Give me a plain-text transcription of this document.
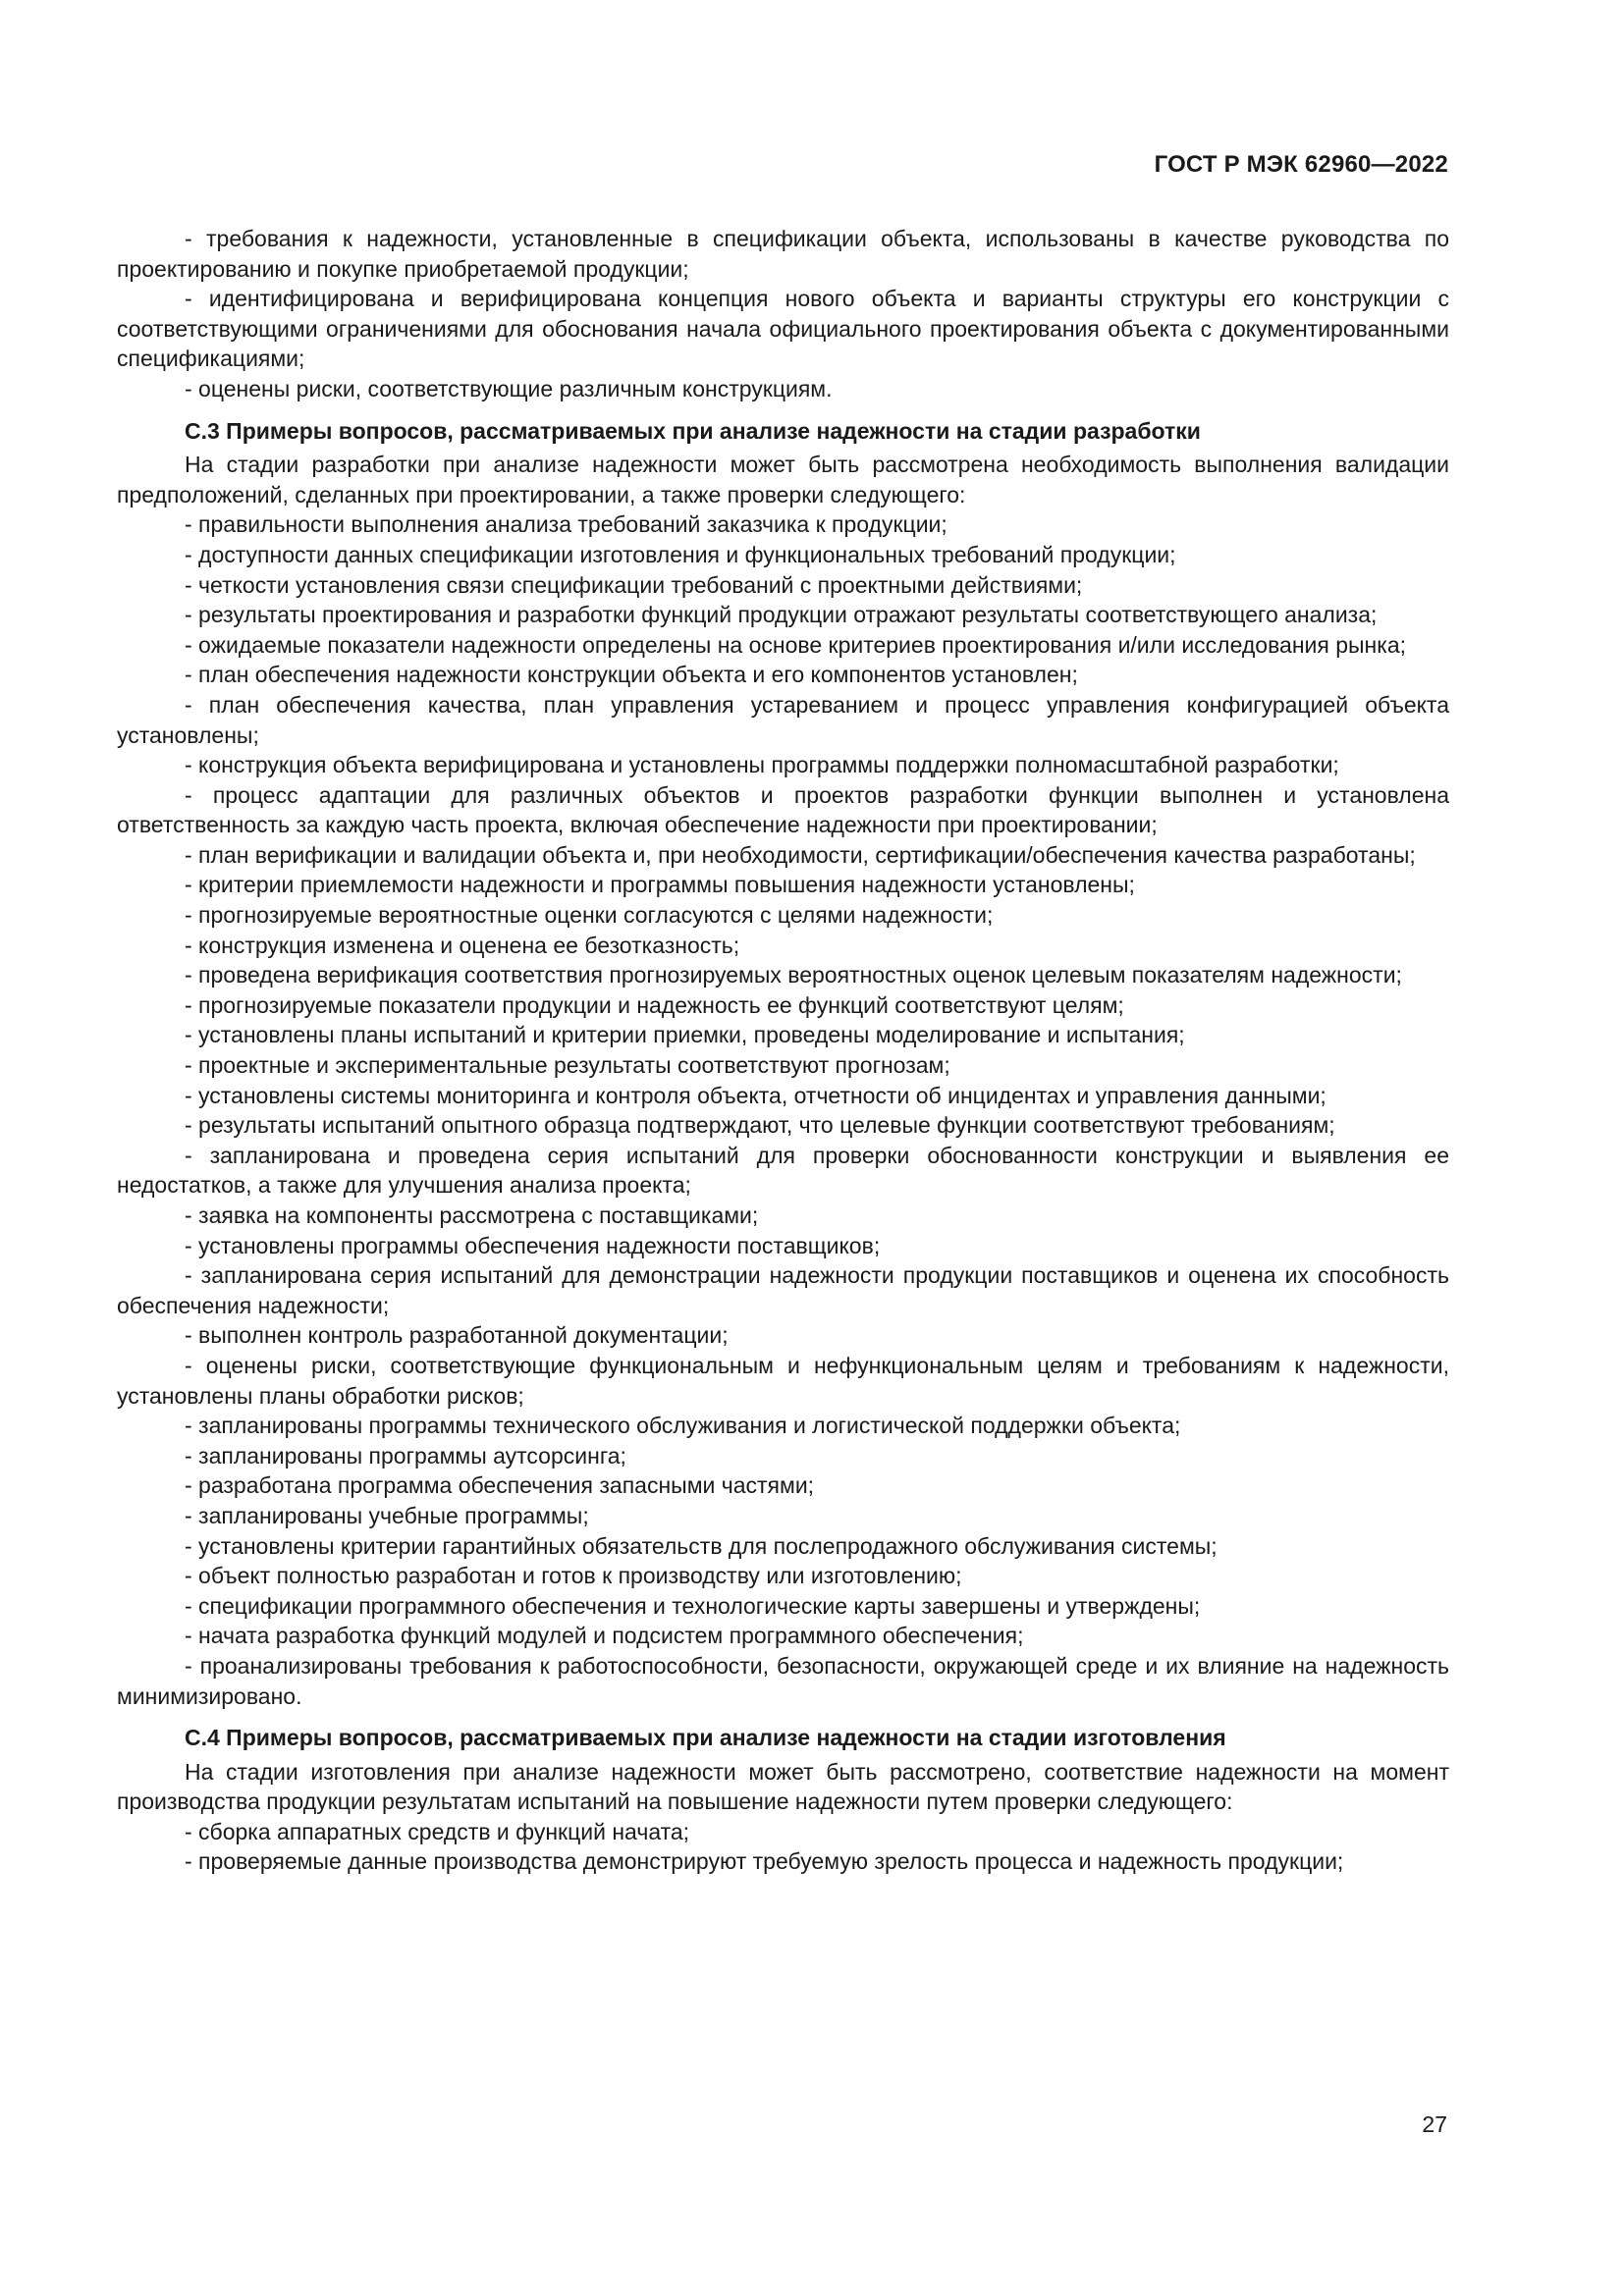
ГОСТ Р МЭК 62960—2022

- требования к надежности, установленные в спецификации объекта, использованы в качестве руководства по проектированию и покупке приобретаемой продукции;

- идентифицирована и верифицирована концепция нового объекта и варианты структуры его конструкции с соответствующими ограничениями для обоснования начала официального проектирования объекта с документированными спецификациями;

- оценены риски, соответствующие различным конструкциям.

С.3 Примеры вопросов, рассматриваемых при анализе надежности на стадии разработки

На стадии разработки при анализе надежности может быть рассмотрена необходимость выполнения валидации предположений, сделанных при проектировании, а также проверки следующего:

- правильности выполнения анализа требований заказчика к продукции;

- доступности данных спецификации изготовления и функциональных требований продукции;

- четкости установления связи спецификации требований с проектными действиями;

- результаты проектирования и разработки функций продукции отражают результаты соответствующего анализа;

- ожидаемые показатели надежности определены на основе критериев проектирования и/или исследования рынка;

- план обеспечения надежности конструкции объекта и его компонентов установлен;

- план обеспечения качества, план управления устареванием и процесс управления конфигурацией объекта установлены;

- конструкция объекта верифицирована и установлены программы поддержки полномасштабной разработки;

- процесс адаптации для различных объектов и проектов разработки функции выполнен и установлена ответственность за каждую часть проекта, включая обеспечение надежности при проектировании;

- план верификации и валидации объекта и, при необходимости, сертификации/обеспечения качества разработаны;

- критерии приемлемости надежности и программы повышения надежности установлены;

- прогнозируемые вероятностные оценки согласуются с целями надежности;

- конструкция изменена и оценена ее безотказность;

- проведена верификация соответствия прогнозируемых вероятностных оценок целевым показателям надежности;

- прогнозируемые показатели продукции и надежность ее функций соответствуют целям;

- установлены планы испытаний и критерии приемки, проведены моделирование и испытания;

- проектные и экспериментальные результаты соответствуют прогнозам;

- установлены системы мониторинга и контроля объекта, отчетности об инцидентах и управления данными;

- результаты испытаний опытного образца подтверждают, что целевые функции соответствуют требованиям;

- запланирована и проведена серия испытаний для проверки обоснованности конструкции и выявления ее недостатков, а также для улучшения анализа проекта;

- заявка на компоненты рассмотрена с поставщиками;

- установлены программы обеспечения надежности поставщиков;

- запланирована серия испытаний для демонстрации надежности продукции поставщиков и оценена их способность обеспечения надежности;

- выполнен контроль разработанной документации;

- оценены риски, соответствующие функциональным и нефункциональным целям и требованиям к надежности, установлены планы обработки рисков;

- запланированы программы технического обслуживания и логистической поддержки объекта;

- запланированы программы аутсорсинга;

- разработана программа обеспечения запасными частями;

- запланированы учебные программы;

- установлены критерии гарантийных обязательств для послепродажного обслуживания системы;

- объект полностью разработан и готов к производству или изготовлению;

- спецификации программного обеспечения и технологические карты завершены и утверждены;

- начата разработка функций модулей и подсистем программного обеспечения;

- проанализированы требования к работоспособности, безопасности, окружающей среде и их влияние на надежность минимизировано.

С.4 Примеры вопросов, рассматриваемых при анализе надежности на стадии изготовления

На стадии изготовления при анализе надежности может быть рассмотрено, соответствие надежности на момент производства продукции результатам испытаний на повышение надежности путем проверки следующего:

- сборка аппаратных средств и функций начата;

- проверяемые данные производства демонстрируют требуемую зрелость процесса и надежность продукции;

27
